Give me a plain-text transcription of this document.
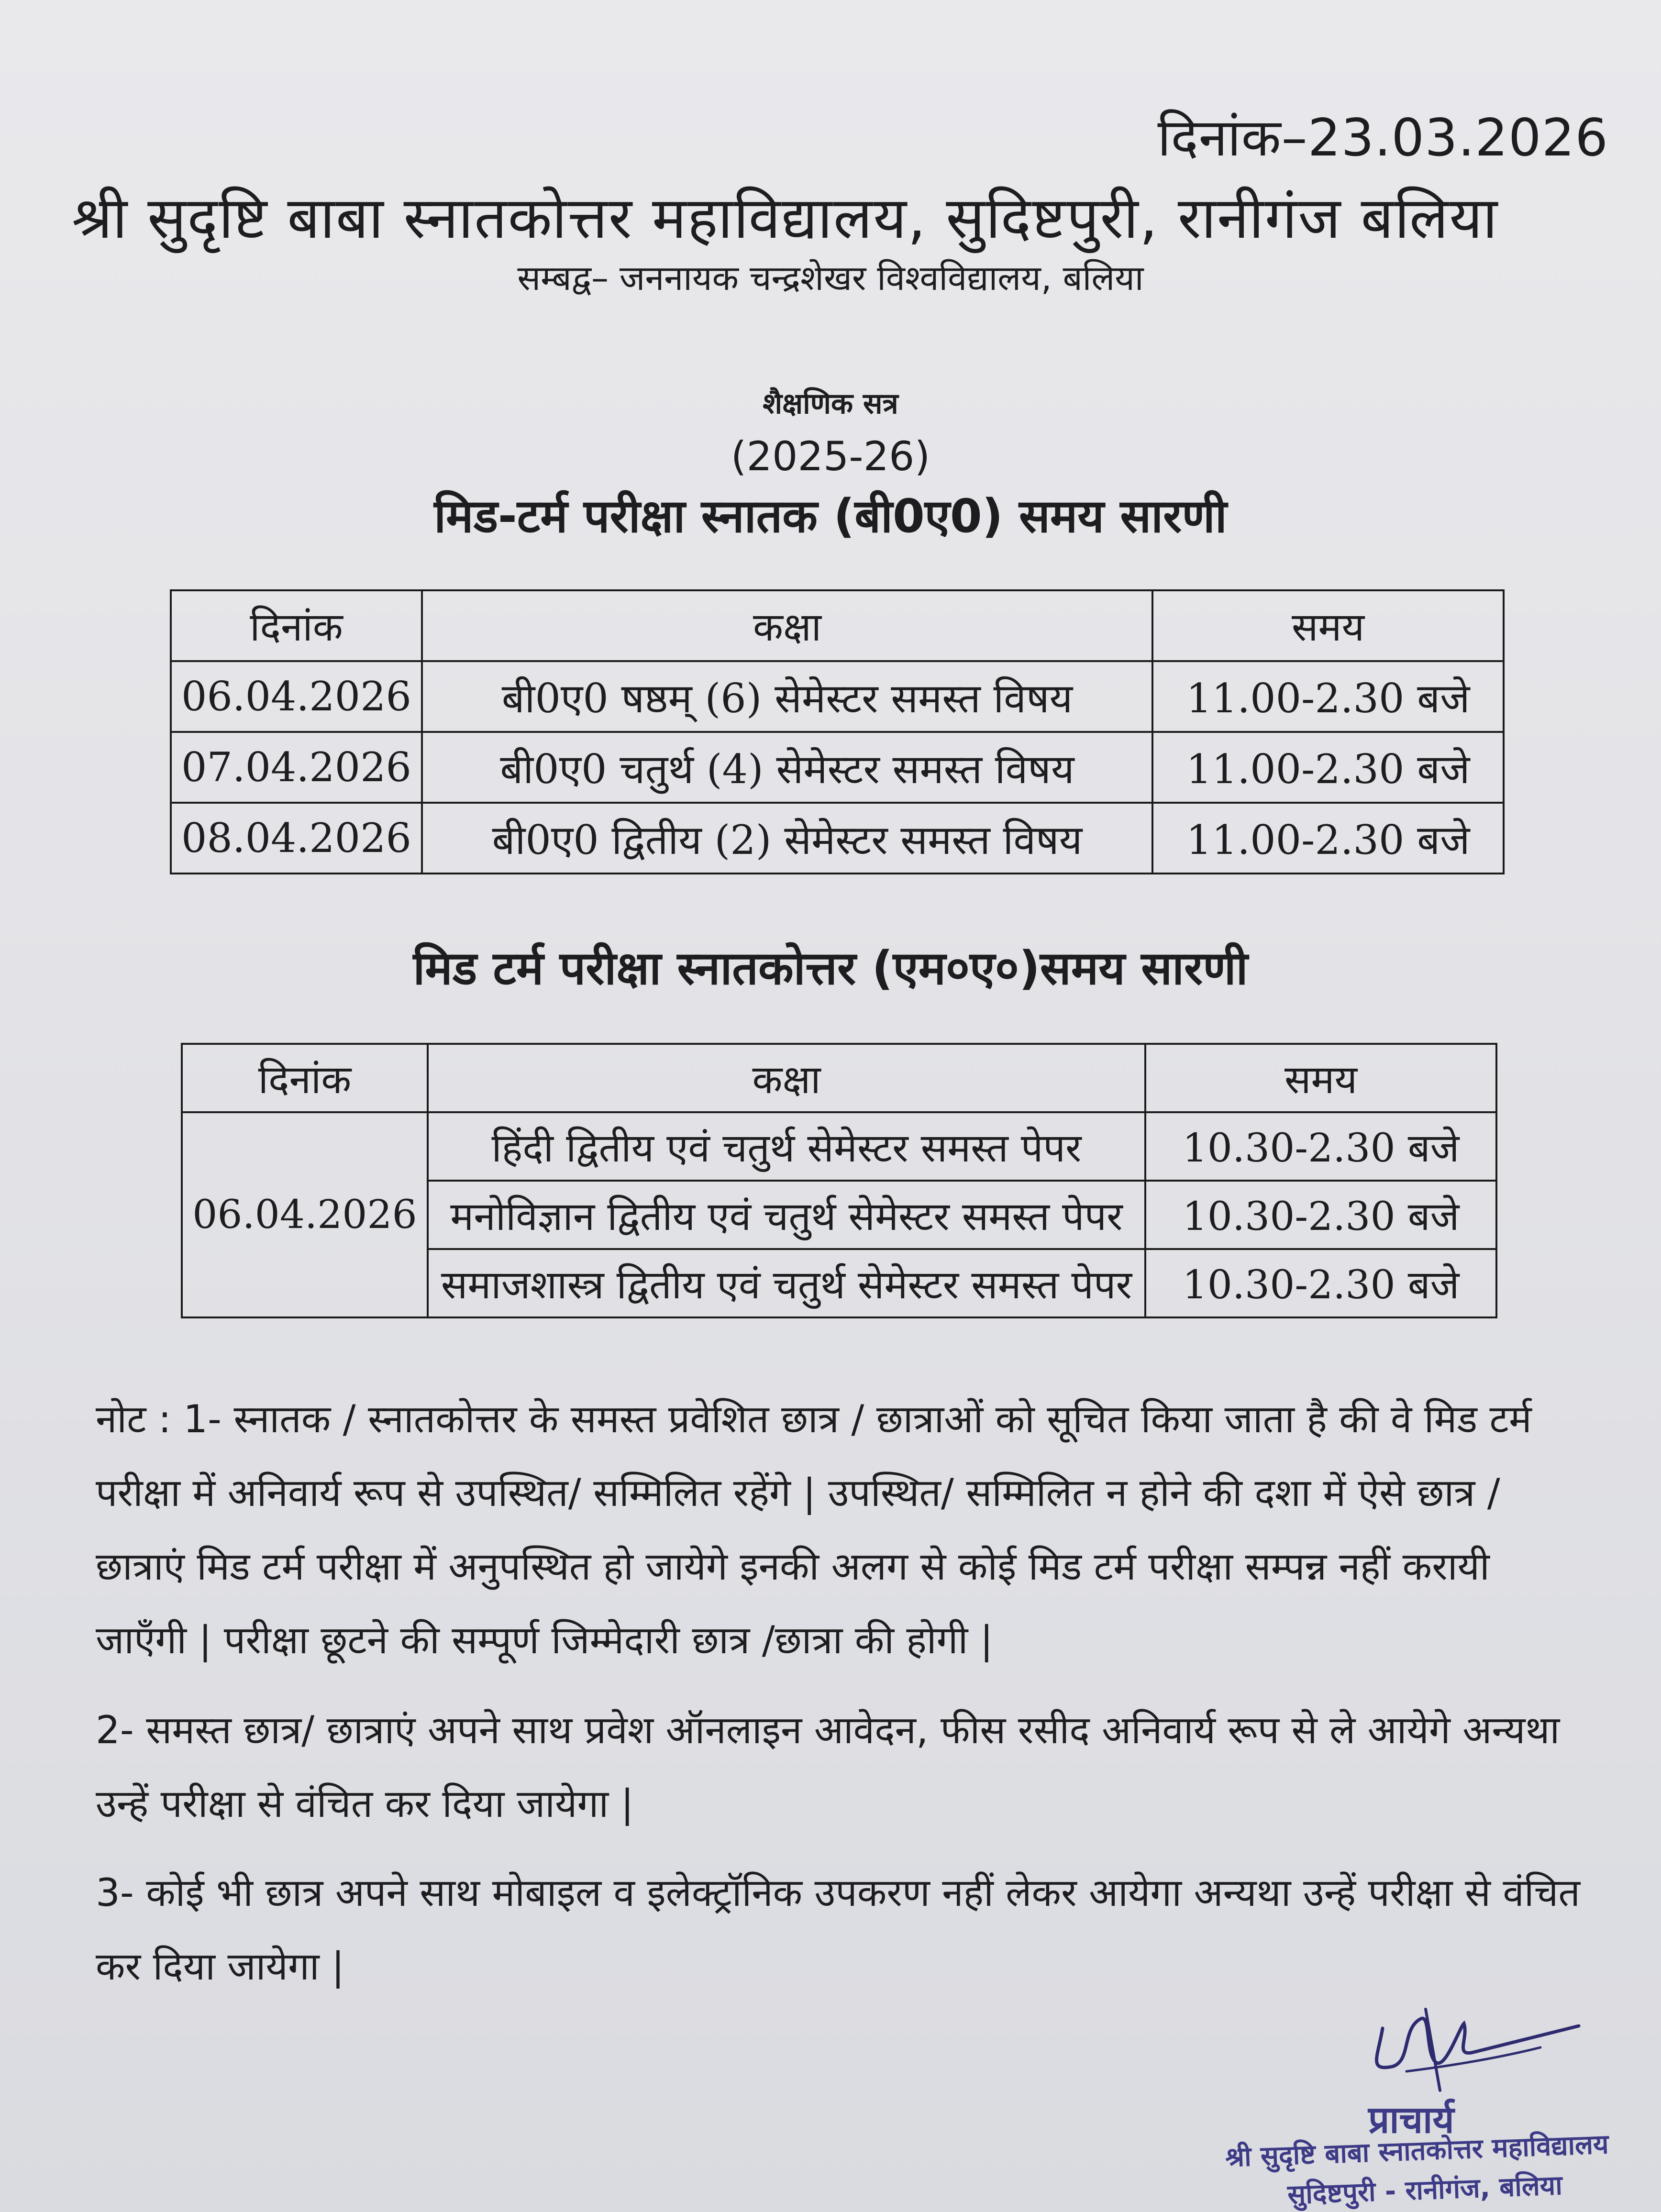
दिनांक–23.03.2026
श्री सुदृष्टि बाबा स्नातकोत्तर महाविद्यालय, सुदिष्टपुरी, रानीगंज बलिया
सम्बद्व– जननायक चन्द्रशेखर विश्वविद्यालय, बलिया
शैक्षणिक सत्र
(2025-26)
मिड-टर्म परीक्षा स्नातक (बी0ए0) समय सारणी
दिनांक	कक्षा	समय
06.04.2026	बी0ए0 षष्ठम् (6) सेमेस्टर समस्त विषय	11.00-2.30 बजे
07.04.2026	बी0ए0 चतुर्थ (4) सेमेस्टर समस्त विषय	11.00-2.30 बजे
08.04.2026	बी0ए0 द्वितीय (2) सेमेस्टर समस्त विषय	11.00-2.30 बजे
मिड टर्म परीक्षा स्नातकोत्तर (एम०ए०)समय सारणी
दिनांक	कक्षा	समय
06.04.2026	हिंदी द्वितीय एवं चतुर्थ सेमेस्टर समस्त पेपर	10.30-2.30 बजे
	मनोविज्ञान द्वितीय एवं चतुर्थ सेमेस्टर समस्त पेपर	10.30-2.30 बजे
	समाजशास्त्र द्वितीय एवं चतुर्थ सेमेस्टर समस्त पेपर	10.30-2.30 बजे
नोट : 1- स्नातक / स्नातकोत्तर के समस्त प्रवेशित छात्र / छात्राओं को सूचित किया जाता है की वे मिड टर्म परीक्षा में अनिवार्य रूप से उपस्थित/ सम्मिलित रहेंगे | उपस्थित/ सम्मिलित न होने की दशा में ऐसे छात्र / छात्राएं मिड टर्म परीक्षा में अनुपस्थित हो जायेगे इनकी अलग से कोई मिड टर्म परीक्षा सम्पन्न नहीं करायी जाएँगी | परीक्षा छूटने की सम्पूर्ण जिम्मेदारी छात्र /छात्रा की होगी |
2- समस्त छात्र/ छात्राएं अपने साथ प्रवेश ऑनलाइन आवेदन, फीस रसीद अनिवार्य रूप से ले आयेगे अन्यथा उन्हें परीक्षा से वंचित कर दिया जायेगा |
3- कोई भी छात्र अपने साथ मोबाइल व इलेक्ट्रॉनिक उपकरण नहीं लेकर आयेगा अन्यथा उन्हें परीक्षा से वंचित कर दिया जायेगा |
प्राचार्य
श्री सुदृष्टि बाबा स्नातकोत्तर महाविद्यालय
सुदिष्टपुरी - रानीगंज, बलिया
